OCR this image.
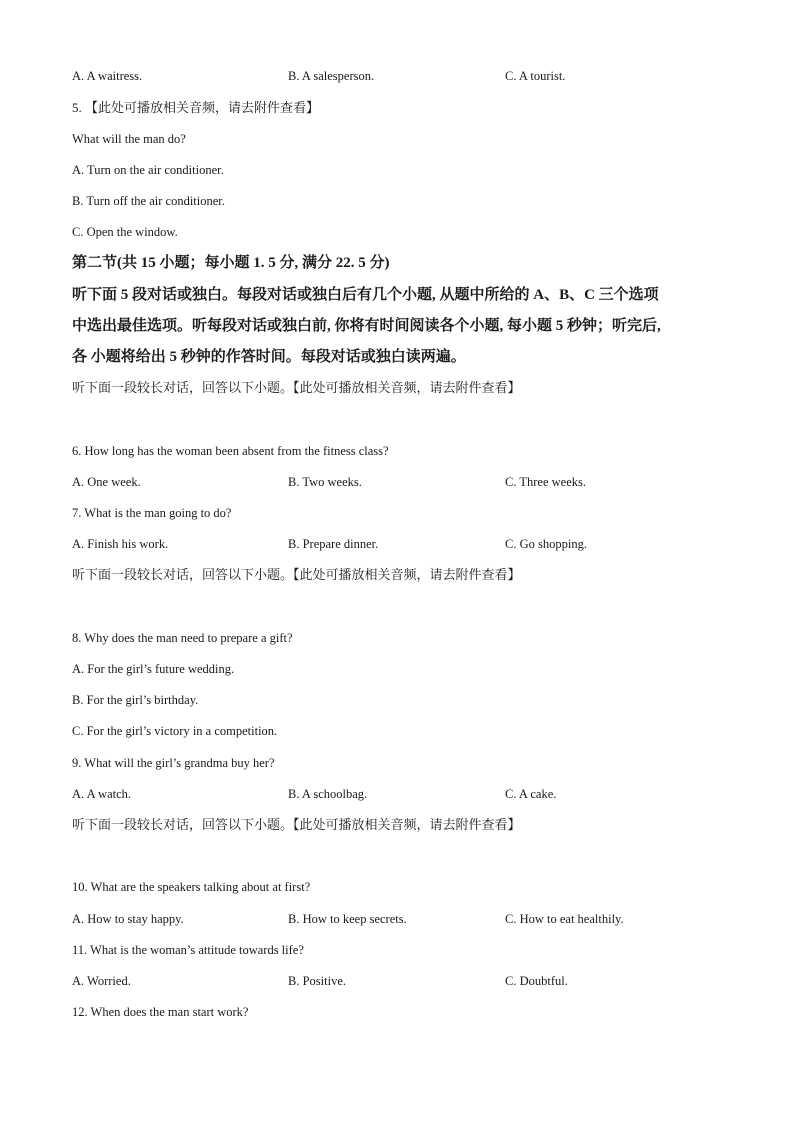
A. A waitress.	B. A salesperson.	C. A tourist.
5. 【此处可播放相关音频，请去附件查看】
What will the man do?
A. Turn on the air conditioner.
B. Turn off the air conditioner.
C. Open the window.
第二节(共 15 小题；每小题 1. 5 分, 满分 22. 5 分)
听下面 5 段对话或独白。每段对话或独白后有几个小题, 从题中所给的 A、B、C 三个选项
中选出最佳选项。听每段对话或独白前, 你将有时间阅读各个小题, 每小题 5 秒钟；听完后,
各 小题将给出 5 秒钟的作答时间。每段对话或独白读两遍。
听下面一段较长对话，回答以下小题。【此处可播放相关音频，请去附件查看】
6. How long has the woman been absent from the fitness class?
A. One week.	B. Two weeks.	C. Three weeks.
7. What is the man going to do?
A. Finish his work.	B. Prepare dinner.	C. Go shopping.
听下面一段较长对话，回答以下小题。【此处可播放相关音频，请去附件查看】
8. Why does the man need to prepare a gift?
A. For the girl’s future wedding.
B. For the girl’s birthday.
C. For the girl’s victory in a competition.
9. What will the girl’s grandma buy her?
A. A watch.	B. A schoolbag.	C. A cake.
听下面一段较长对话，回答以下小题。【此处可播放相关音频，请去附件查看】
10. What are the speakers talking about at first?
A. How to stay happy.	B. How to keep secrets.	C. How to eat healthily.
11. What is the woman’s attitude towards life?
A. Worried.	B. Positive.	C. Doubtful.
12. When does the man start work?
